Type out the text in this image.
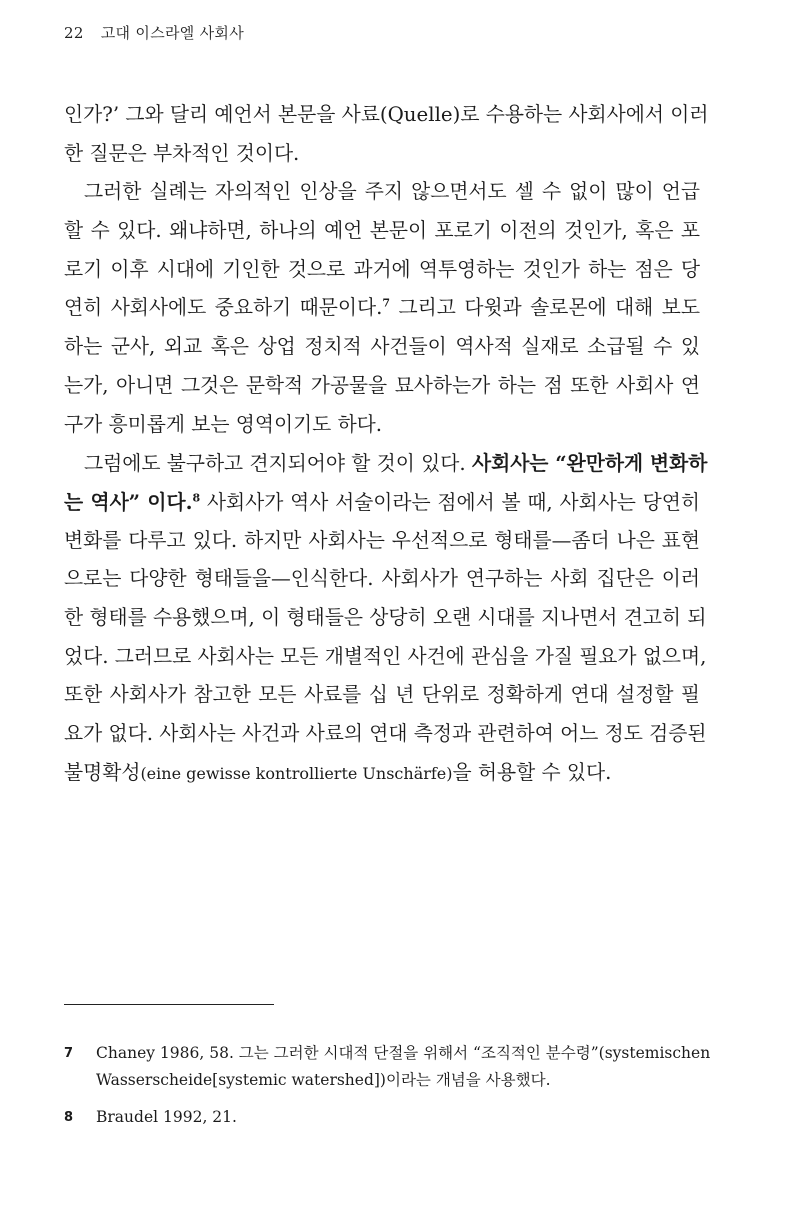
22 고대 이스라엘 사회사
인가?’ 그와 달리 예언서 본문을 사료(Quelle)로 수용하는 사회사에서 이러
한 질문은 부차적인 것이다.
그러한 실례는 자의적인 인상을 주지 않으면서도 셀 수 없이 많이 언급
할 수 있다. 왜냐하면, 하나의 예언 본문이 포로기 이전의 것인가, 혹은 포
로기 이후 시대에 기인한 것으로 과거에 역투영하는 것인가 하는 점은 당
연히 사회사에도 중요하기 때문이다.$^7$ 그리고 다윗과 솔로몬에 대해 보도
하는 군사, 외교 혹은 상업 정치적 사건들이 역사적 실재로 소급될 수 있
는가, 아니면 그것은 문학적 가공물을 묘사하는가 하는 점 또한 사회사 연
구가 흥미롭게 보는 영역이기도 하다.
그럼에도 불구하고 견지되어야 할 것이 있다. 사회사는 “완만하게 변화하
는 역사” 이다.$^8$ 사회사가 역사 서술이라는 점에서 볼 때, 사회사는 당연히
변화를 다루고 있다. 하지만 사회사는 우선적으로 형태를—좀더 나은 표현
으로는 다양한 형태들을—인식한다. 사회사가 연구하는 사회 집단은 이러
한 형태를 수용했으며, 이 형태들은 상당히 오랜 시대를 지나면서 견고히 되
었다. 그러므로 사회사는 모든 개별적인 사건에 관심을 가질 필요가 없으며,
또한 사회사가 참고한 모든 사료를 십 년 단위로 정확하게 연대 설정할 필
요가 없다. 사회사는 사건과 사료의 연대 측정과 관련하여 어느 정도 검증된
불명확성(eine gewisse kontrollierte Unschärfe)을 허용할 수 있다.
7 Chaney 1986, 58. 그는 그러한 시대적 단절을 위해서 “조직적인 분수령”(systemischen
Wasserscheide[systemic watershed])이라는 개념을 사용했다.
8 Braudel 1992, 21.
